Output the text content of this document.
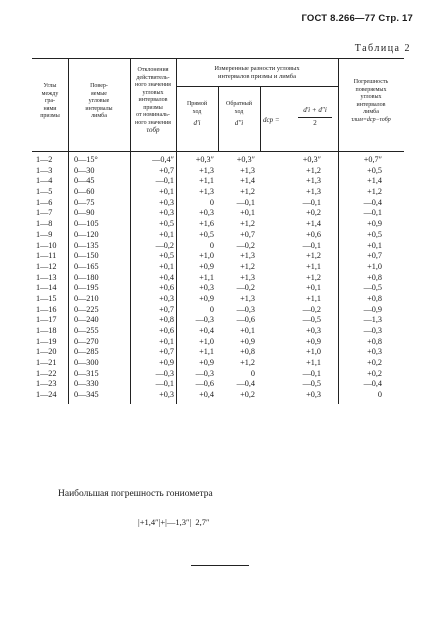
ГОСТ 8.266—77 Стр. 17
Таблица 2
Углы
между
гра-
нями
призмы
Повер-
яемые
угловые
интервалы
лимба
Отклонения
действитель-
ного значения
угловых
интервалов
призмы
от номиналь-
ного значения
τобр
Измеренные разности угловых
интервалов призмы и лимба
Прямой
ход
d'i
Обратный
ход
d''i	dср =
d'i + d''i
2
Погрешность
поверяемых
угловых
интервалов
лимба
τлим=dср−τобр
1—2	0—15°	—0,4″	+0,3″	+0,3″	+0,3″	+0,7″
1—3	0—30	+0,7	+1,3	+1,3	+1,2	+0,5
1—4	0—45	—0,1	+1,1	+1,4	+1,3	+1,4
1—5	0—60	+0,1	+1,3	+1,2	+1,3	+1,2
1—6	0—75	+0,3	0	—0,1	—0,1	—0,4
1—7	0—90	+0,3	+0,3	+0,1	+0,2	—0,1
1—8	0—105	+0,5	+1,6	+1,2	+1,4	+0,9
1—9	0—120	+0,1	+0,5	+0,7	+0,6	+0,5
1—10 0—135	—0,2	0	—0,2	—0,1	+0,1
1—11 0—150	+0,5	+1,0	+1,3	+1,2	+0,7
1—12 0—165	+0,1	+0,9	+1,2	+1,1	+1,0
1—13 0—180	+0,4	+1,1	+1,3	+1,2	+0,8
1—14 0—195	+0,6	+0,3	—0,2	+0,1	—0,5
1—15 0—210	+0,3	+0,9	+1,3	+1,1	+0,8
1—16 0—225	+0,7	0	—0,3	—0,2	—0,9
1—17 0—240	+0,8	—0,3	—0,6	—0,5	—1,3
1—18 0—255	+0,6	+0,4	+0,1	+0,3	—0,3
1—19 0—270	+0,1	+1,0	+0,9	+0,9	+0,8
1—20 0—285	+0,7	+1,1	+0,8	+1,0	+0,3
1—21 0—300	+0,9	+0,9	+1,2	+1,1	+0,2
1—22 0—315	—0,3	—0,3	0	—0,1	+0,2
1—23 0—330	—0,1	—0,6	—0,4	—0,5	—0,4
1—24 0—345	+0,3	+0,4	+0,2	+0,3	0
Наибольшая погрешность гониометра
|+1,4″|+|—1,3″| 2,7″
